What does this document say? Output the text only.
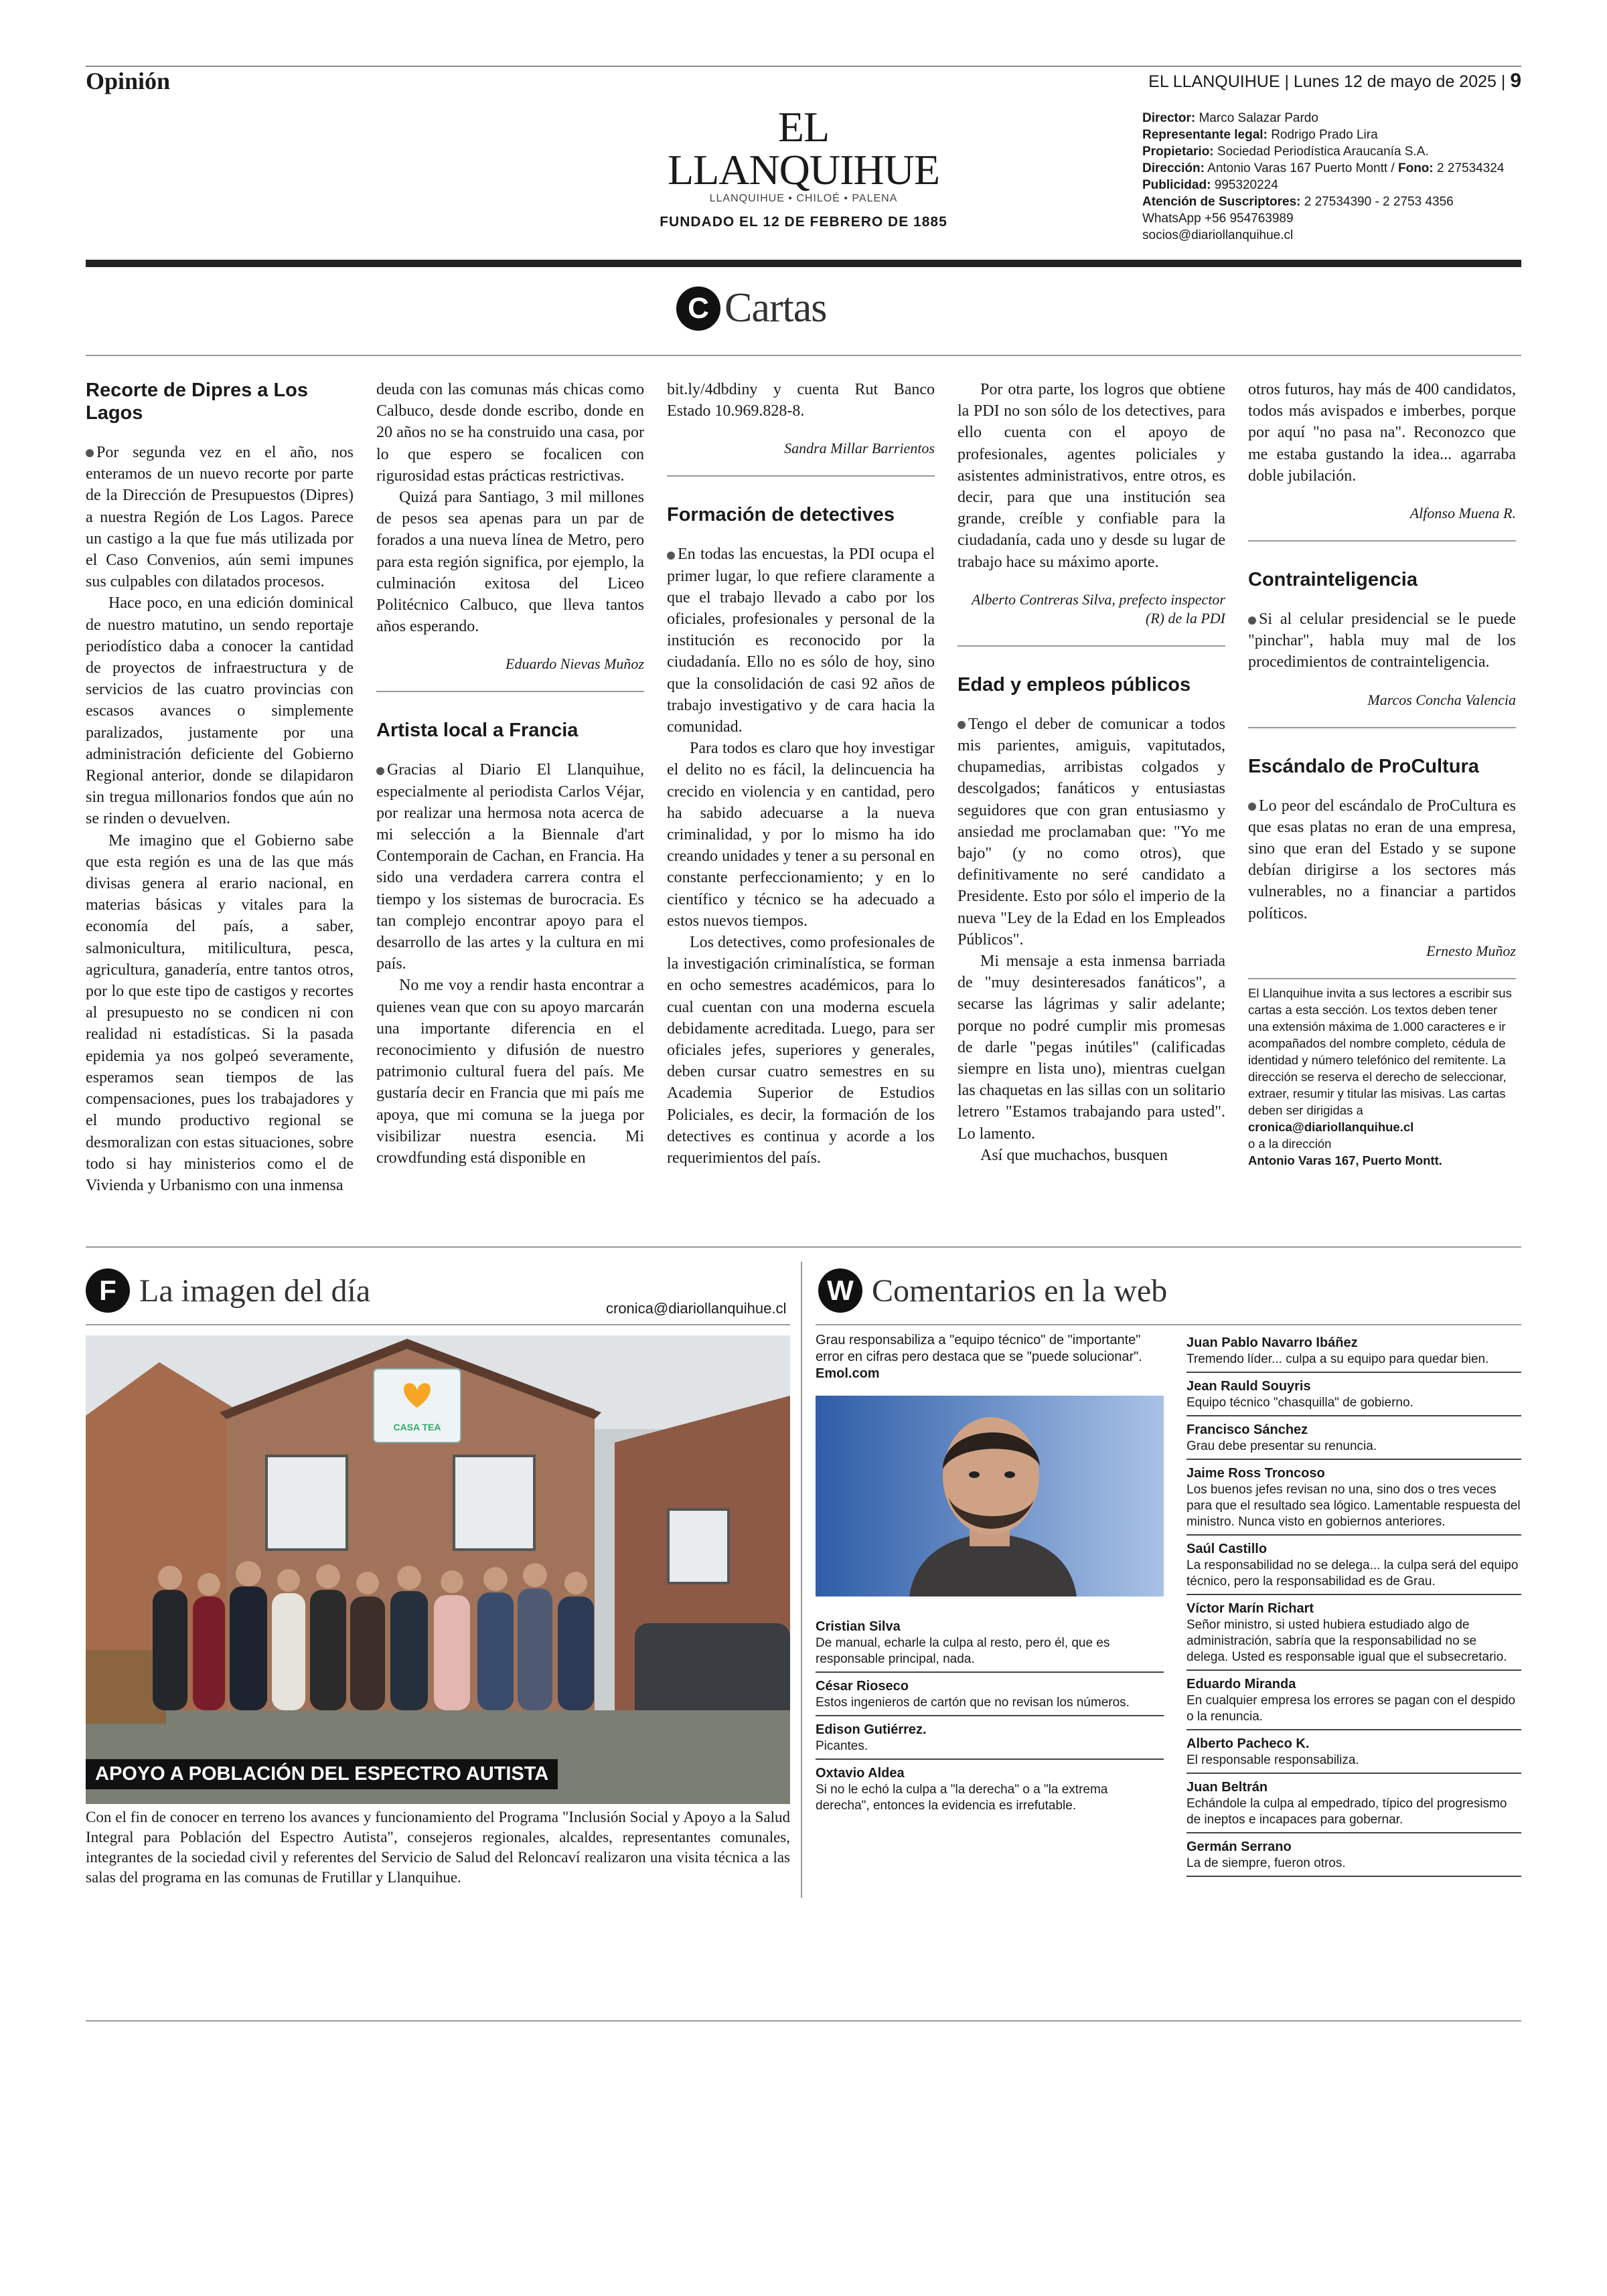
Opinión	EL LLANQUIHUE | Lunes 12 de mayo de 2025 | 9
EL LLANQUIHUE
LLANQUIHUE • CHILOÉ • PALENA
FUNDADO EL 12 DE FEBRERO DE 1885
Director: Marco Salazar Pardo
Representante legal: Rodrigo Prado Lira
Propietario: Sociedad Periodística Araucanía S.A.
Dirección: Antonio Varas 167 Puerto Montt / Fono: 2 27534324
Publicidad: 995320224
Atención de Suscriptores: 2 27534390 - 2 2753 4356
WhatsApp +56 954763989
socios@diariollanquihue.cl
C Cartas
Recorte de Dipres a Los Lagos

Por segunda vez en el año, nos enteramos de un nuevo recorte por parte de la Dirección de Presupuestos (Dipres) a nuestra Región de Los Lagos. Parece un castigo a la que fue más utilizada por el Caso Convenios, aún semi impunes sus culpables con dilatados procesos.

Hace poco, en una edición dominical de nuestro matutino, un sendo reportaje periodístico daba a conocer la cantidad de proyectos de infraestructura y de servicios de las cuatro provincias con escasos avances o simplemente paralizados, justamente por una administración deficiente del Gobierno Regional anterior, donde se dilapidaron sin tregua millonarios fondos que aún no se rinden o devuelven.

Me imagino que el Gobierno sabe que esta región es una de las que más divisas genera al erario nacional, en materias básicas y vitales para la economía del país, a saber, salmonicultura, mitilicultura, pesca, agricultura, ganadería, entre tantos otros, por lo que este tipo de castigos y recortes al presupuesto no se condicen ni con realidad ni estadísticas. Si la pasada epidemia ya nos golpeó severamente, esperamos sean tiempos de las compensaciones, pues los trabajadores y el mundo productivo regional se desmoralizan con estas situaciones, sobre todo si hay ministerios como el de Vivienda y Urbanismo con una inmensa

deuda con las comunas más chicas como Calbuco, desde donde escribo, donde en 20 años no se ha construido una casa, por lo que espero se focalicen con rigurosidad estas prácticas restrictivas.

Quizá para Santiago, 3 mil millones de pesos sea apenas para un par de forados a una nueva línea de Metro, pero para esta región significa, por ejemplo, la culminación exitosa del Liceo Politécnico Calbuco, que lleva tantos años esperando.

Eduardo Nievas Muñoz

Artista local a Francia

Gracias al Diario El Llanquihue, especialmente al periodista Carlos Véjar, por realizar una hermosa nota acerca de mi selección a la Biennale d'art Contemporain de Cachan, en Francia. Ha sido una verdadera carrera contra el tiempo y los sistemas de burocracia. Es tan complejo encontrar apoyo para el desarrollo de las artes y la cultura en mi país.

No me voy a rendir hasta encontrar a quienes vean que con su apoyo marcarán una importante diferencia en el reconocimiento y difusión de nuestro patrimonio cultural fuera del país. Me gustaría decir en Francia que mi país me apoya, que mi comuna se la juega por visibilizar nuestra esencia. Mi crowdfunding está disponible en

bit.ly/4dbdiny y cuenta Rut Banco Estado 10.969.828-8.

Sandra Millar Barrientos

Formación de detectives

En todas las encuestas, la PDI ocupa el primer lugar, lo que refiere claramente a que el trabajo llevado a cabo por los oficiales, profesionales y personal de la institución es reconocido por la ciudadanía. Ello no es sólo de hoy, sino que la consolidación de casi 92 años de trabajo investigativo y de cara hacia la comunidad.

Para todos es claro que hoy investigar el delito no es fácil, la delincuencia ha crecido en violencia y en cantidad, pero ha sabido adecuarse a la nueva criminalidad, y por lo mismo ha ido creando unidades y tener a su personal en constante perfeccionamiento; y en lo científico y técnico se ha adecuado a estos nuevos tiempos.

Los detectives, como profesionales de la investigación criminalística, se forman en ocho semestres académicos, para lo cual cuentan con una moderna escuela debidamente acreditada. Luego, para ser oficiales jefes, superiores y generales, deben cursar cuatro semestres en su Academia Superior de Estudios Policiales, es decir, la formación de los detectives es continua y acorde a los requerimientos del país.

Por otra parte, los logros que obtiene la PDI no son sólo de los detectives, para ello cuenta con el apoyo de profesionales, agentes policiales y asistentes administrativos, entre otros, es decir, para que una institución sea grande, creíble y confiable para la ciudadanía, cada uno y desde su lugar de trabajo hace su máximo aporte.

Alberto Contreras Silva, prefecto inspector (R) de la PDI

Edad y empleos públicos

Tengo el deber de comunicar a todos mis parientes, amiguis, vapitutados, chupamedias, arribistas colgados y descolgados; fanáticos y entusiastas seguidores que con gran entusiasmo y ansiedad me proclamaban que: "Yo me bajo" (y no como otros), que definitivamente no seré candidato a Presidente. Esto por sólo el imperio de la nueva "Ley de la Edad en los Empleados Públicos".

Mi mensaje a esta inmensa barriada de "muy desinteresados fanáticos", a secarse las lágrimas y salir adelante; porque no podré cumplir mis promesas de darle "pegas inútiles" (calificadas siempre en lista uno), mientras cuelgan las chaquetas en las sillas con un solitario letrero "Estamos trabajando para usted". Lo lamento.

Así que muchachos, busquen

otros futuros, hay más de 400 candidatos, todos más avispados e imberbes, porque por aquí "no pasa na". Reconozco que me estaba gustando la idea... agarraba doble jubilación.

Alfonso Muena R.

Contrainteligencia

Si al celular presidencial se le puede "pinchar", habla muy mal de los procedimientos de contrainteligencia.

Marcos Concha Valencia

Escándalo de ProCultura

Lo peor del escándalo de ProCultura es que esas platas no eran de una empresa, sino que eran del Estado y se supone debían dirigirse a los sectores más vulnerables, no a financiar a partidos políticos.

Ernesto Muñoz

El Llanquihue invita a sus lectores a escribir sus cartas a esta sección. Los textos deben tener una extensión máxima de 1.000 caracteres e ir acompañados del nombre completo, cédula de identidad y número telefónico del remitente. La dirección se reserva el derecho de seleccionar, extraer, resumir y titular las misivas. Las cartas deben ser dirigidas a
cronica@diariollanquihue.cl
o a la dirección
Antonio Varas 167, Puerto Montt.
F La imagen del día	cronica@diariollanquihue.cl
CASA TEA
APOYO A POBLACIÓN DEL ESPECTRO AUTISTA
Con el fin de conocer en terreno los avances y funcionamiento del Programa "Inclusión Social y Apoyo a la Salud Integral para Población del Espectro Autista", consejeros regionales, alcaldes, representantes comunales, integrantes de la sociedad civil y referentes del Servicio de Salud del Reloncaví realizaron una visita técnica a las salas del programa en las comunas de Frutillar y Llanquihue.
W Comentarios en la web
Grau responsabiliza a "equipo técnico" de "importante" error en cifras pero destaca que se "puede solucionar". Emol.com
Cristian Silva
De manual, echarle la culpa al resto, pero él, que es responsable principal, nada.
César Rioseco
Estos ingenieros de cartón que no revisan los números.
Edison Gutiérrez.
Picantes.
Oxtavio Aldea
Si no le echó la culpa a "la derecha" o a "la extrema derecha", entonces la evidencia es irrefutable.
Juan Pablo Navarro Ibáñez
Tremendo líder... culpa a su equipo para quedar bien.
Jean Rauld Souyris
Equipo técnico "chasquilla" de gobierno.
Francisco Sánchez
Grau debe presentar su renuncia.
Jaime Ross Troncoso
Los buenos jefes revisan no una, sino dos o tres veces para que el resultado sea lógico. Lamentable respuesta del ministro. Nunca visto en gobiernos anteriores.
Saúl Castillo
La responsabilidad no se delega... la culpa será del equipo técnico, pero la responsabilidad es de Grau.
Víctor Marín Richart
Señor ministro, si usted hubiera estudiado algo de administración, sabría que la responsabilidad no se delega. Usted es responsable igual que el subsecretario.
Eduardo Miranda
En cualquier empresa los errores se pagan con el despido o la renuncia.
Alberto Pacheco K.
El responsable responsabiliza.
Juan Beltrán
Echándole la culpa al empedrado, típico del progresismo de ineptos e incapaces para gobernar.
Germán Serrano
La de siempre, fueron otros.
